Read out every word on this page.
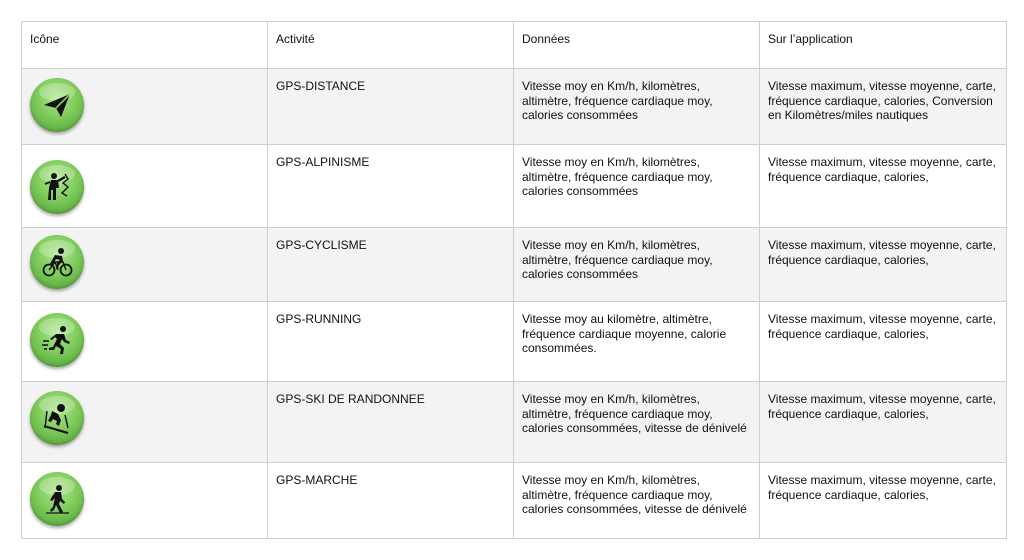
Icône	Activité	Données	Sur l’application

	GPS-DISTANCE	Vitesse moy en Km/h, kilomètres, altimètre, fréquence cardiaque moy, calories consommées	Vitesse maximum, vitesse moyenne, carte, fréquence cardiaque, calories, Conversion en Kilomètres/miles nautiques

	GPS-ALPINISME	Vitesse moy en Km/h, kilomètres, altimètre, fréquence cardiaque moy, calories consommées	Vitesse maximum, vitesse moyenne, carte, fréquence cardiaque, calories,

	GPS-CYCLISME	Vitesse moy en Km/h, kilomètres, altimètre, fréquence cardiaque moy, calories consommées	Vitesse maximum, vitesse moyenne, carte, fréquence cardiaque, calories,

	GPS-RUNNING	Vitesse moy au kilomètre, altimètre, fréquence cardiaque moyenne, calorie consommées.	Vitesse maximum, vitesse moyenne, carte, fréquence cardiaque, calories,

	GPS-SKI DE RANDONNEE	Vitesse moy en Km/h, kilomètres, altimètre, fréquence cardiaque moy, calories consommées, vitesse de dénivelé	Vitesse maximum, vitesse moyenne, carte, fréquence cardiaque, calories,

	GPS-MARCHE	Vitesse moy en Km/h, kilomètres, altimètre, fréquence cardiaque moy, calories consommées, vitesse de dénivelé	Vitesse maximum, vitesse moyenne, carte, fréquence cardiaque, calories,
